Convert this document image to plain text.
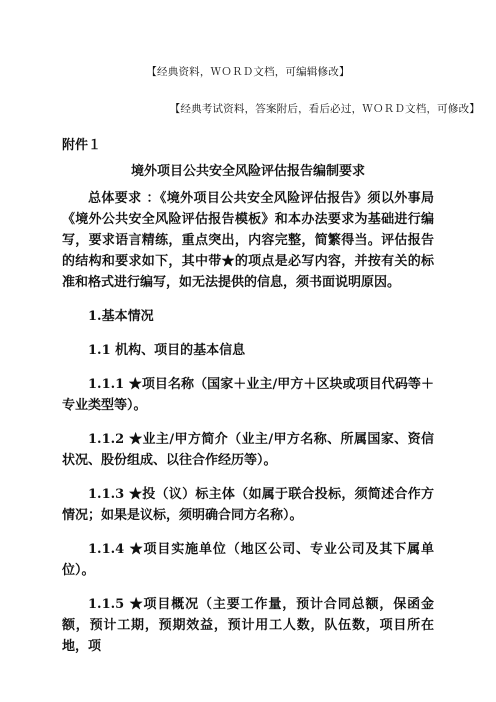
【经典资料，ＷＯＲＤ文档，可编辑修改】
【经典考试资料，答案附后，看后必过，ＷＯＲＤ文档，可修改】
附件１
境外项目公共安全风险评估报告编制要求

总体要求 ：《境外项目公共安全风险评估报告》须以外事局《境外公共安全风险评估报告模板》和本办法要求为基础进行编写，要求语言精练，重点突出，内容完整，简繁得当。评估报告的结构和要求如下，其中带★的项点是必写内容，并按有关的标准和格式进行编写，如无法提供的信息，须书面说明原因。

1.基本情况

1.1 机构、项目的基本信息

1.1.1 ★项目名称（国家＋业主/甲方＋区块或项目代码等＋专业类型等）。

1.1.2 ★业主/甲方简介（业主/甲方名称、所属国家、资信状况、股份组成、以往合作经历等）。

1.1.3 ★投（议）标主体（如属于联合投标，须简述合作方情况；如果是议标，须明确合同方名称）。

1.1.4 ★项目实施单位（地区公司、专业公司及其下属单位）。

1.1.5 ★项目概况（主要工作量，预计合同总额，保函金额，预计工期，预期效益，预计用工人数，队伍数，项目所在地，项
